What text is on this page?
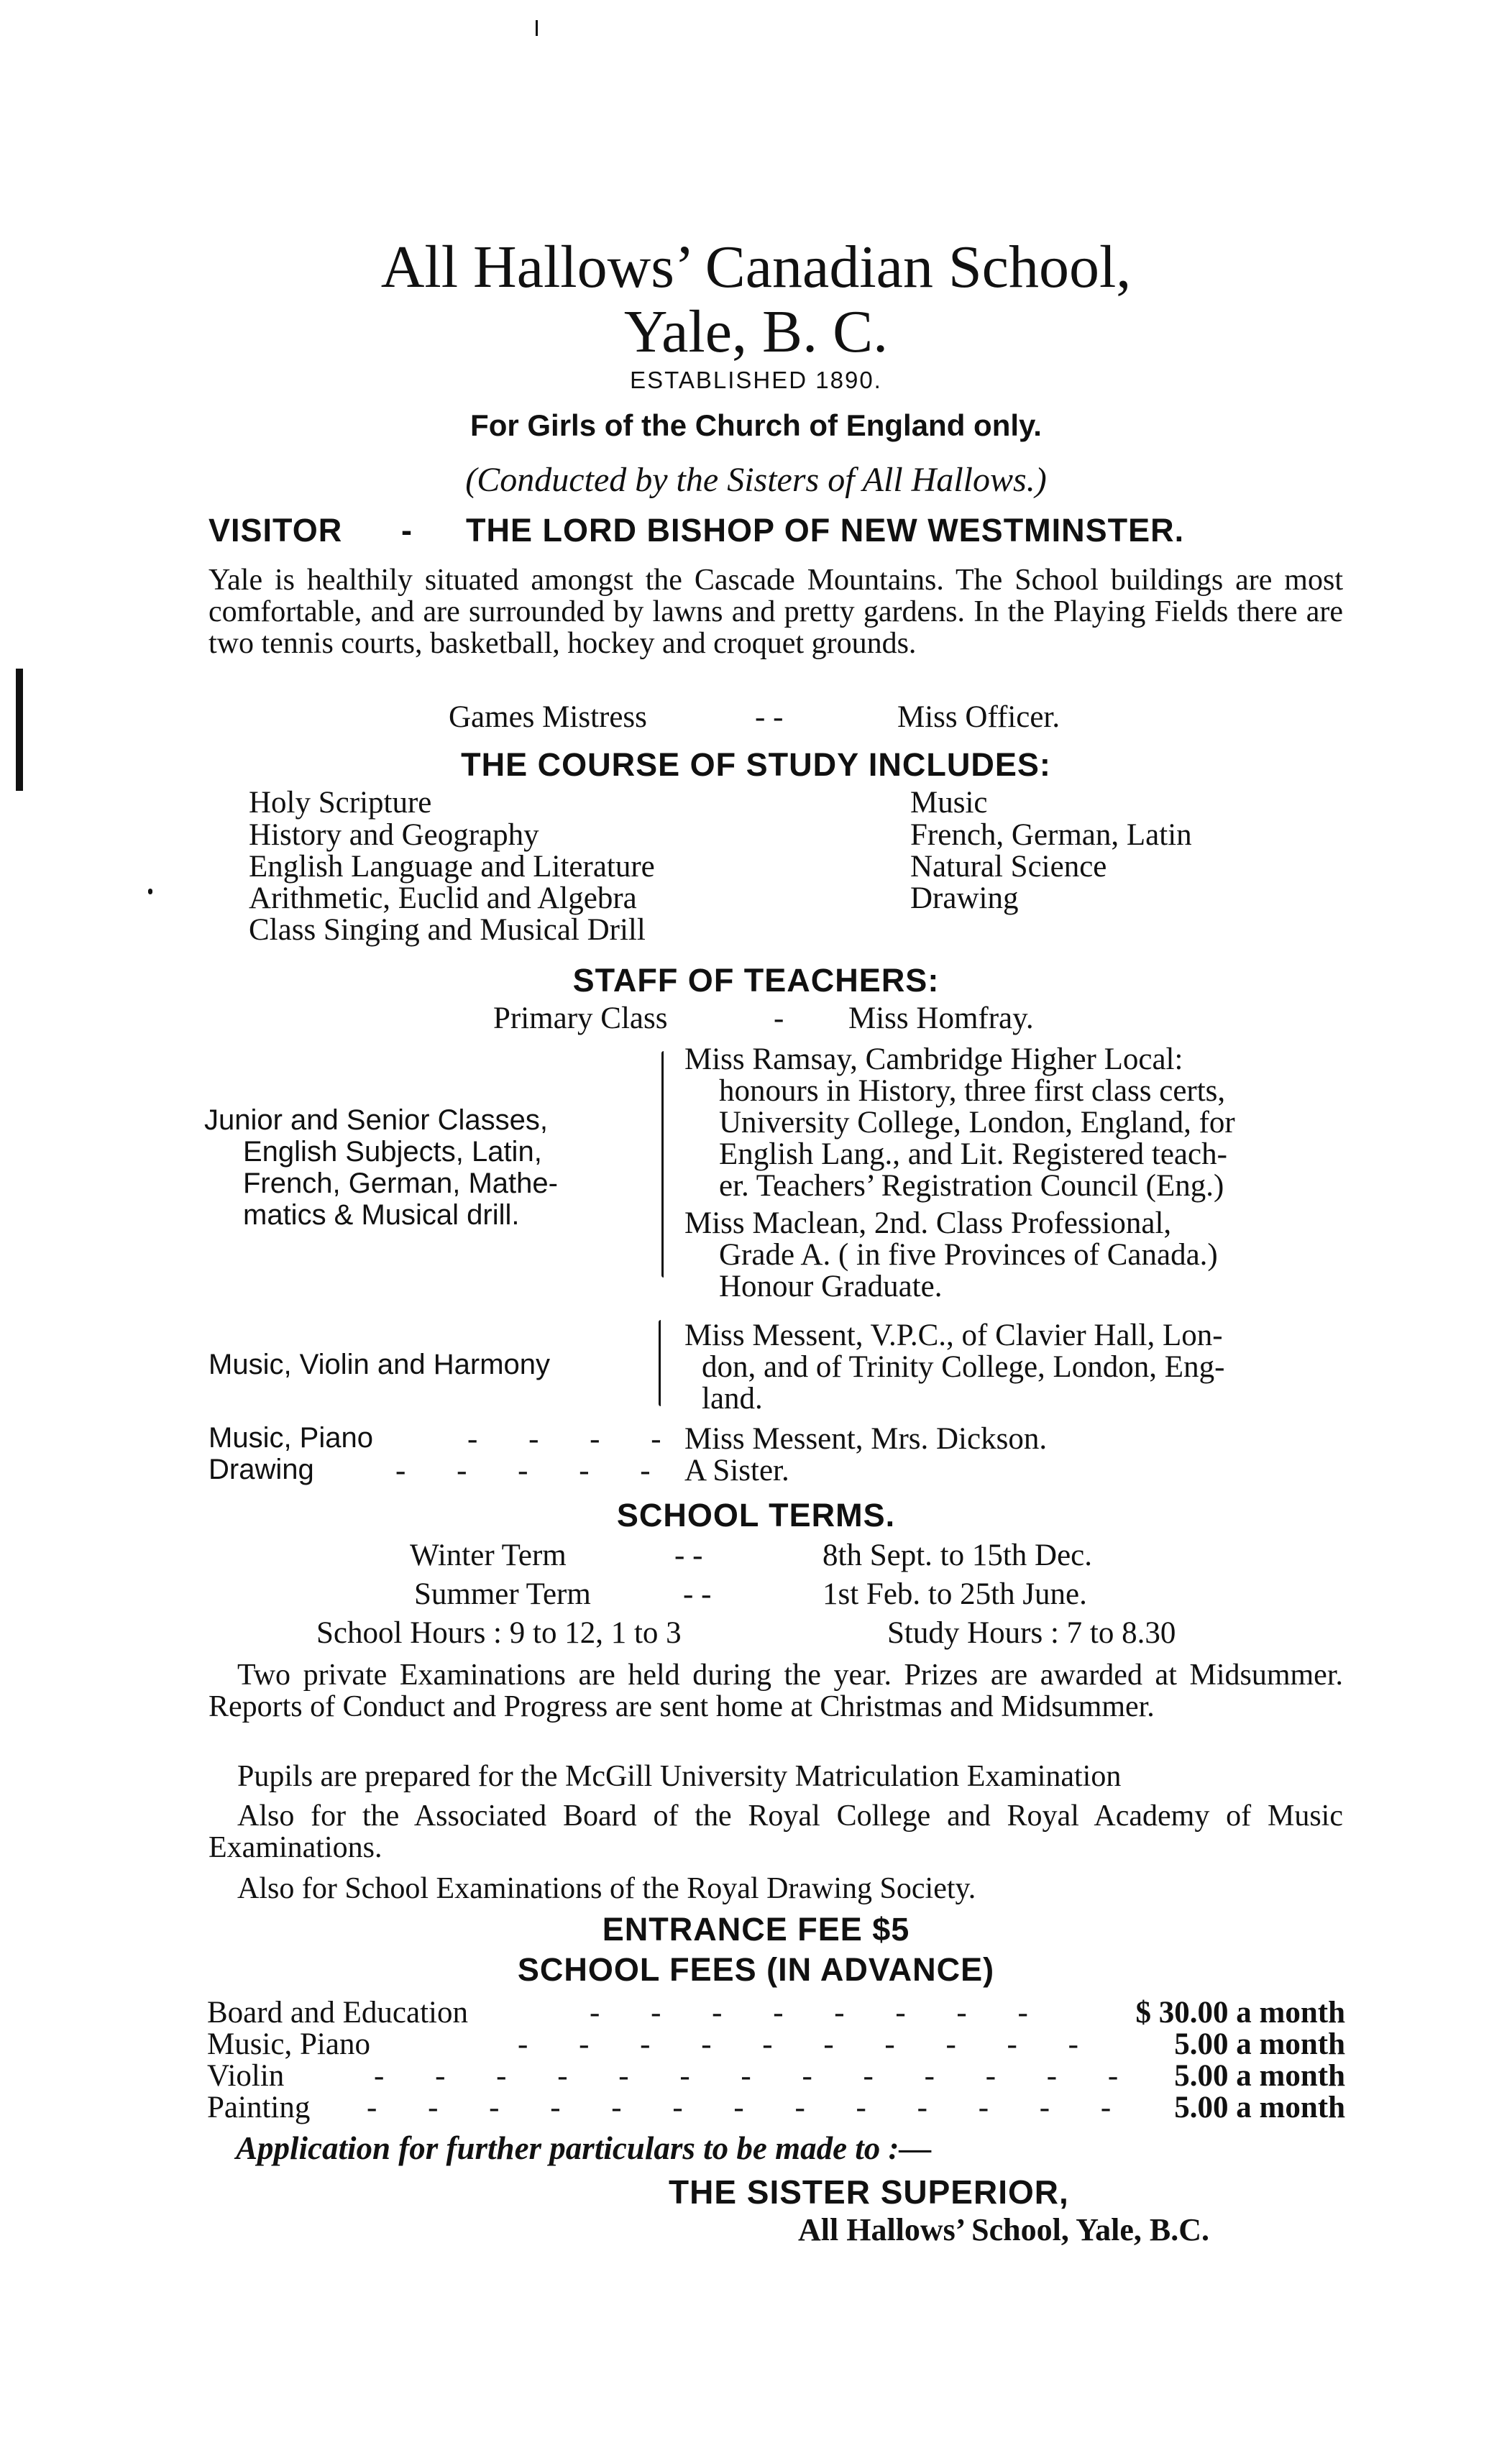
All Hallows’ Canadian School,
Yale, B. C.
ESTABLISHED 1890.
For Girls of the Church of England only.
(Conducted by the Sisters of All Hallows.)
VISITOR - THE LORD BISHOP OF NEW WESTMINSTER.
Yale is healthily situated amongst the Cascade Mountains. The School buildings are most comfortable, and are surrounded by lawns and pretty gardens. In the Playing Fields there are two tennis courts, basketball, hockey and croquet grounds.
Games Mistress	- -	Miss Officer.
THE COURSE OF STUDY INCLUDES:
Holy Scripture
History and Geography
English Language and Literature
Arithmetic, Euclid and Algebra
Class Singing and Musical Drill
Music
French, German, Latin
Natural Science
Drawing
STAFF OF TEACHERS:
Primary Class	- Miss Homfray.
Junior and Senior Classes,
English Subjects, Latin,
French, German, Mathe-
matics & Musical drill.
Miss Ramsay, Cambridge Higher Local:
honours in History, three first class certs,
University College, London, England, for
English Lang., and Lit. Registered teach-
er. Teachers’ Registration Council (Eng.)
Miss Maclean, 2nd. Class Professional,
Grade A. ( in five Provinces of Canada.)
Honour Graduate.
Music, Violin and Harmony
Miss Messent, V.P.C., of Clavier Hall, Lon-
don, and of Trinity College, London, Eng-
land.
Music, Piano	- - - - Miss Messent, Mrs. Dickson.
Drawing	- - - - - A Sister.
SCHOOL TERMS.
Winter Term	- -	8th Sept. to 15th Dec.
Summer Term	- -	1st Feb. to 25th June.
School Hours : 9 to 12, 1 to 3	Study Hours : 7 to 8.30
Two private Examinations are held during the year. Prizes are awarded at Midsummer. Reports of Conduct and Progress are sent home at Christmas and Midsummer.
Pupils are prepared for the McGill University Matriculation Examination
Also for the Associated Board of the Royal College and Royal Academy of Music Examinations.
Also for School Examinations of the Royal Drawing Society.
ENTRANCE FEE $5
SCHOOL FEES (IN ADVANCE)
Board and Education	- - - - - - - -	$ 30.00 a month
Music, Piano	- - - - - - - - - - 5.00 a month
Violin	- - - - - - - - - - - - - 5.00 a month
Painting - - - - - - - - - - - - - 5.00 a month
Application for further particulars to be made to :—
THE SISTER SUPERIOR,
All Hallows’ School, Yale, B.C.
